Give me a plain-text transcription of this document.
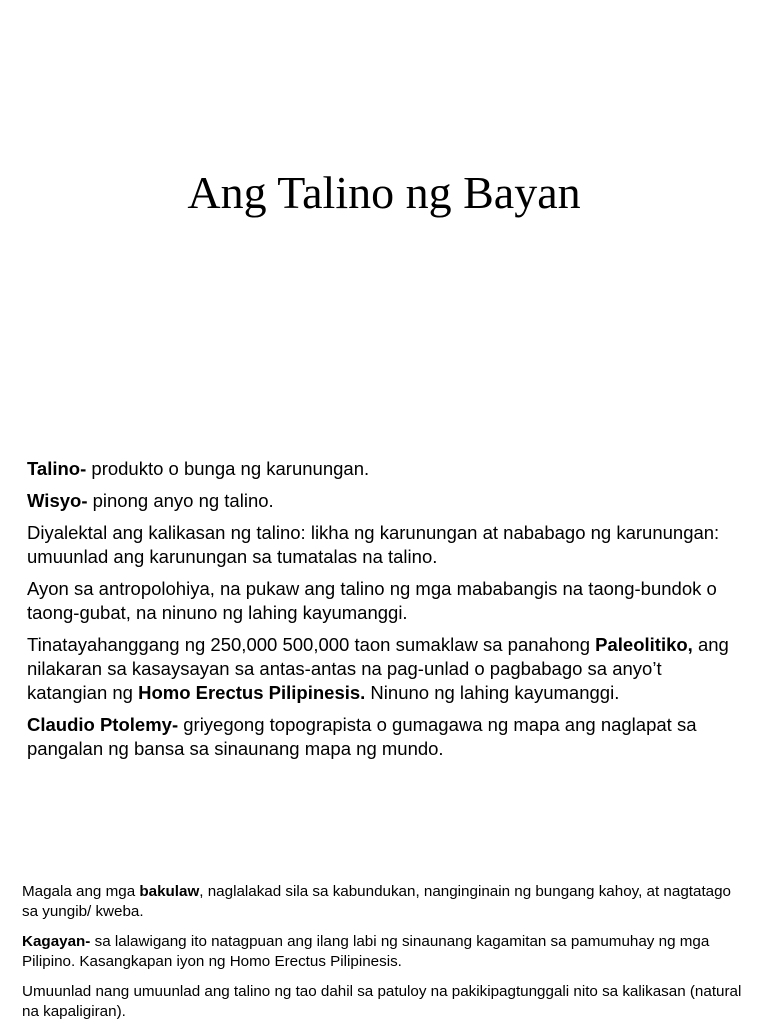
Ang Talino ng Bayan

Talino- produkto o bunga ng karunungan.

Wisyo- pinong anyo ng talino.

Diyalektal ang kalikasan ng talino: likha ng karunungan at nababago ng karunungan: umuunlad ang karunungan sa tumatalas na talino.

Ayon sa antropolohiya, na pukaw ang talino ng mga mababangis na taong-bundok o taong-gubat, na ninuno ng lahing kayumanggi.

Tinatayahanggang ng 250,000 500,000 taon sumaklaw sa panahong Paleolitiko, ang nilakaran sa kasaysayan sa antas-antas na pag-unlad o pagbabago sa anyo’t katangian ng Homo Erectus Pilipinesis. Ninuno ng lahing kayumanggi.

Claudio Ptolemy- griyegong topograpista o gumagawa ng mapa ang naglapat sa pangalan ng bansa sa sinaunang mapa ng mundo.

Magala ang mga bakulaw, naglalakad sila sa kabundukan, nanginginain ng bungang kahoy, at nagtatago sa yungib/ kweba.

Kagayan- sa lalawigang ito natagpuan ang ilang labi ng sinaunang kagamitan sa pamumuhay ng mga Pilipino. Kasangkapan iyon ng Homo Erectus Pilipinesis.

Umuunlad nang umuunlad ang talino ng tao dahil sa patuloy na pakikipagtunggali nito sa kalikasan (natural na kapaligiran).
